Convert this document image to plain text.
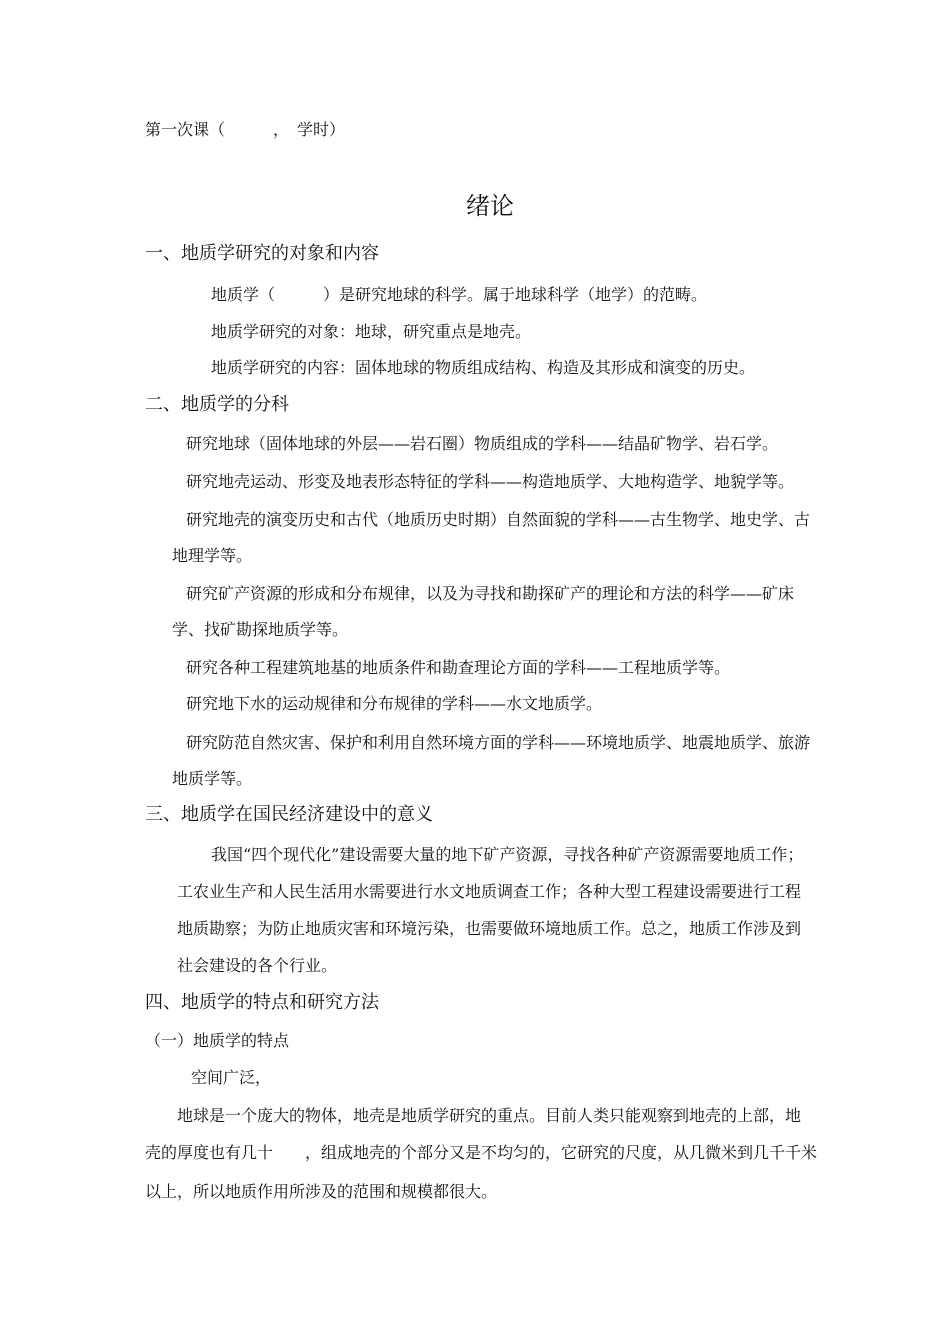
第一次课（　　　，　学时）
绪论
一、地质学研究的对象和内容
地质学（　　　）是研究地球的科学。属于地球科学（地学）的范畴。
地质学研究的对象：地球，研究重点是地壳。
地质学研究的内容：固体地球的物质组成结构、构造及其形成和演变的历史。
二、地质学的分科
研究地球（固体地球的外层——岩石圈）物质组成的学科——结晶矿物学、岩石学。
研究地壳运动、形变及地表形态特征的学科——构造地质学、大地构造学、地貌学等。
研究地壳的演变历史和古代（地质历史时期）自然面貌的学科——古生物学、地史学、古
地理学等。
研究矿产资源的形成和分布规律，以及为寻找和勘探矿产的理论和方法的科学——矿床
学、找矿勘探地质学等。
研究各种工程建筑地基的地质条件和勘查理论方面的学科——工程地质学等。
研究地下水的运动规律和分布规律的学科——水文地质学。
研究防范自然灾害、保护和利用自然环境方面的学科——环境地质学、地震地质学、旅游
地质学等。
三、地质学在国民经济建设中的意义
我国“四个现代化”建设需要大量的地下矿产资源，寻找各种矿产资源需要地质工作；
工农业生产和人民生活用水需要进行水文地质调查工作；各种大型工程建设需要进行工程
地质勘察；为防止地质灾害和环境污染，也需要做环境地质工作。总之，地质工作涉及到
社会建设的各个行业。
四、地质学的特点和研究方法
（一）地质学的特点
空间广泛，
地球是一个庞大的物体，地壳是地质学研究的重点。目前人类只能观察到地壳的上部，地
壳的厚度也有几十　　，组成地壳的个部分又是不均匀的，它研究的尺度，从几微米到几千千米
以上，所以地质作用所涉及的范围和规模都很大。
